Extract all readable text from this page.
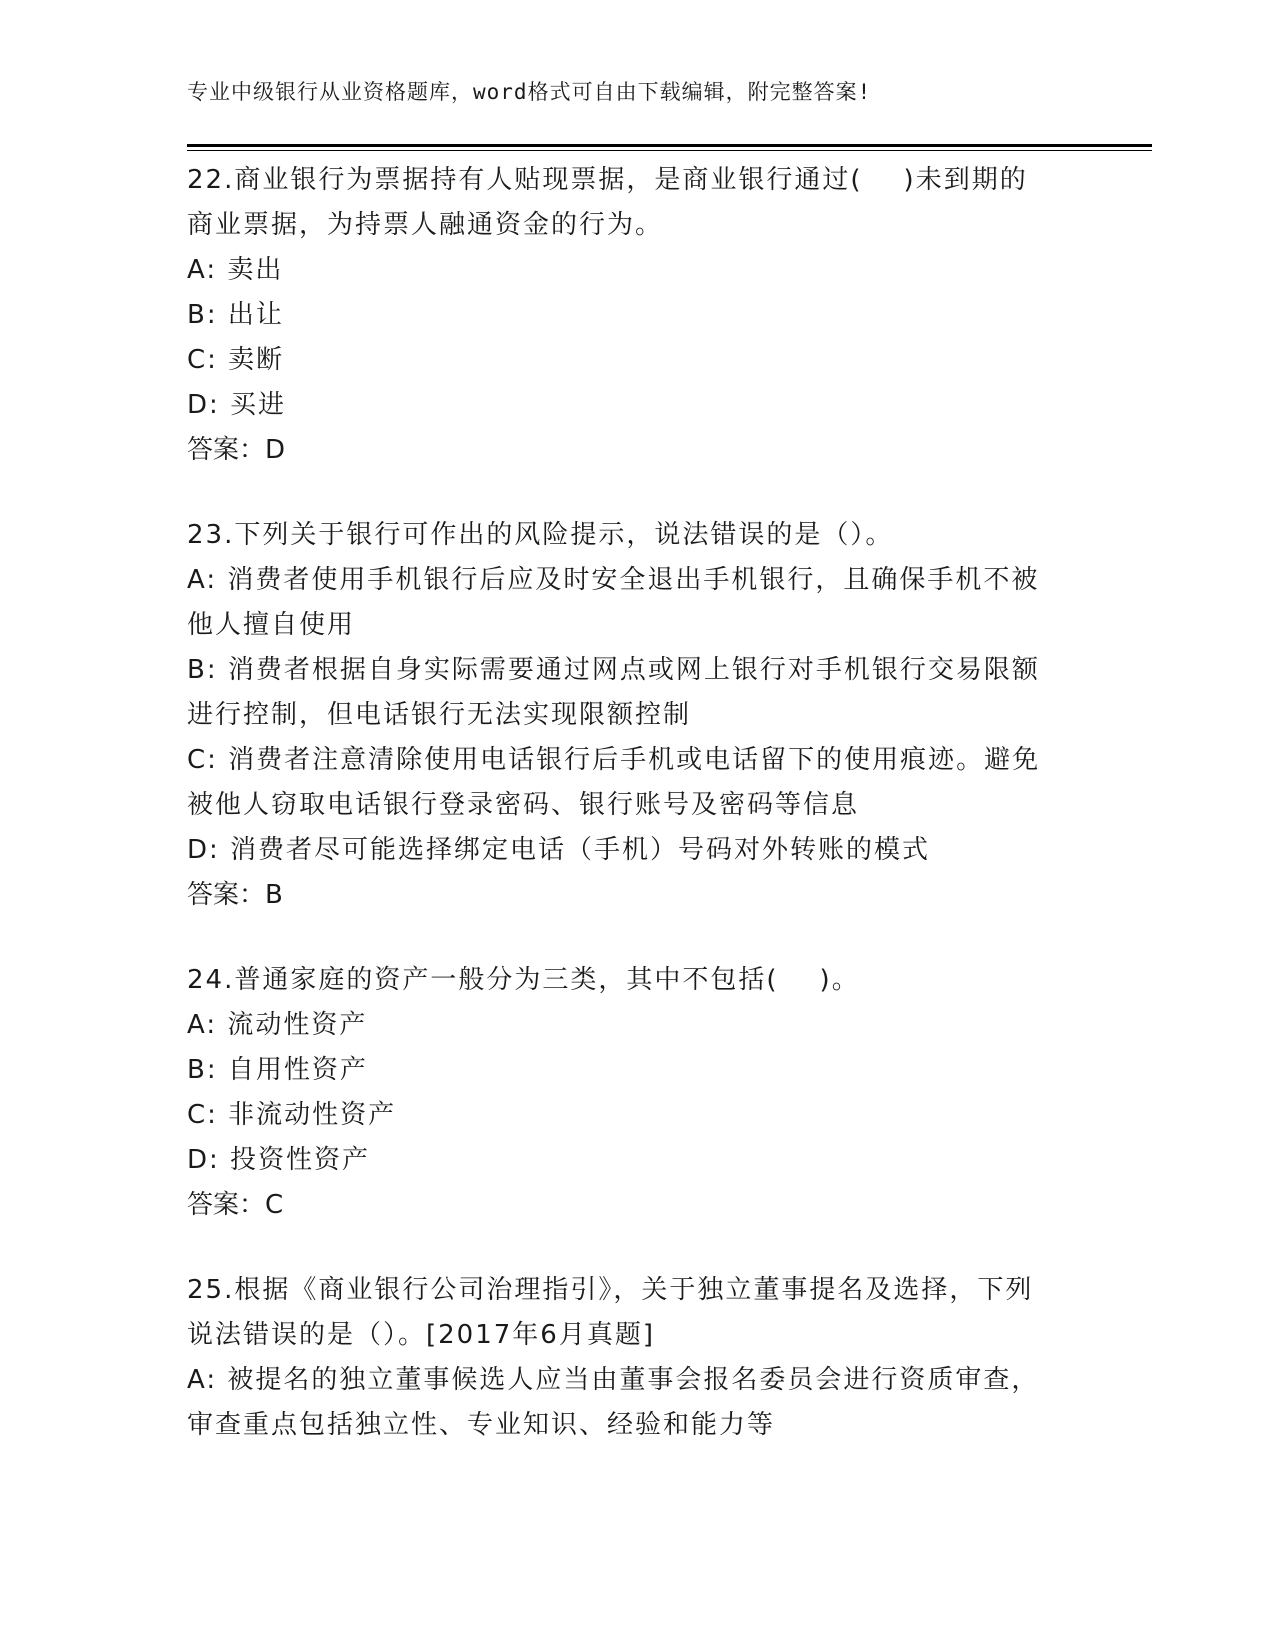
专业中级银行从业资格题库，word格式可自由下载编辑，附完整答案!
22.商业银行为票据持有人贴现票据，是商业银行通过(    )未到期的
商业票据，为持票人融通资金的行为。
A: 卖出
B: 出让
C: 卖断
D: 买进
答案：D
23.下列关于银行可作出的风险提示，说法错误的是（）。
A: 消费者使用手机银行后应及时安全退出手机银行，且确保手机不被
他人擅自使用
B: 消费者根据自身实际需要通过网点或网上银行对手机银行交易限额
进行控制，但电话银行无法实现限额控制
C: 消费者注意清除使用电话银行后手机或电话留下的使用痕迹。避免
被他人窃取电话银行登录密码、银行账号及密码等信息
D: 消费者尽可能选择绑定电话（手机）号码对外转账的模式
答案：B
24.普通家庭的资产一般分为三类，其中不包括(    )。
A: 流动性资产
B: 自用性资产
C: 非流动性资产
D: 投资性资产
答案：C
25.根据《商业银行公司治理指引》，关于独立董事提名及选择，下列
说法错误的是（）。[2017年6月真题]
A: 被提名的独立董事候选人应当由董事会报名委员会进行资质审查，
审查重点包括独立性、专业知识、经验和能力等
